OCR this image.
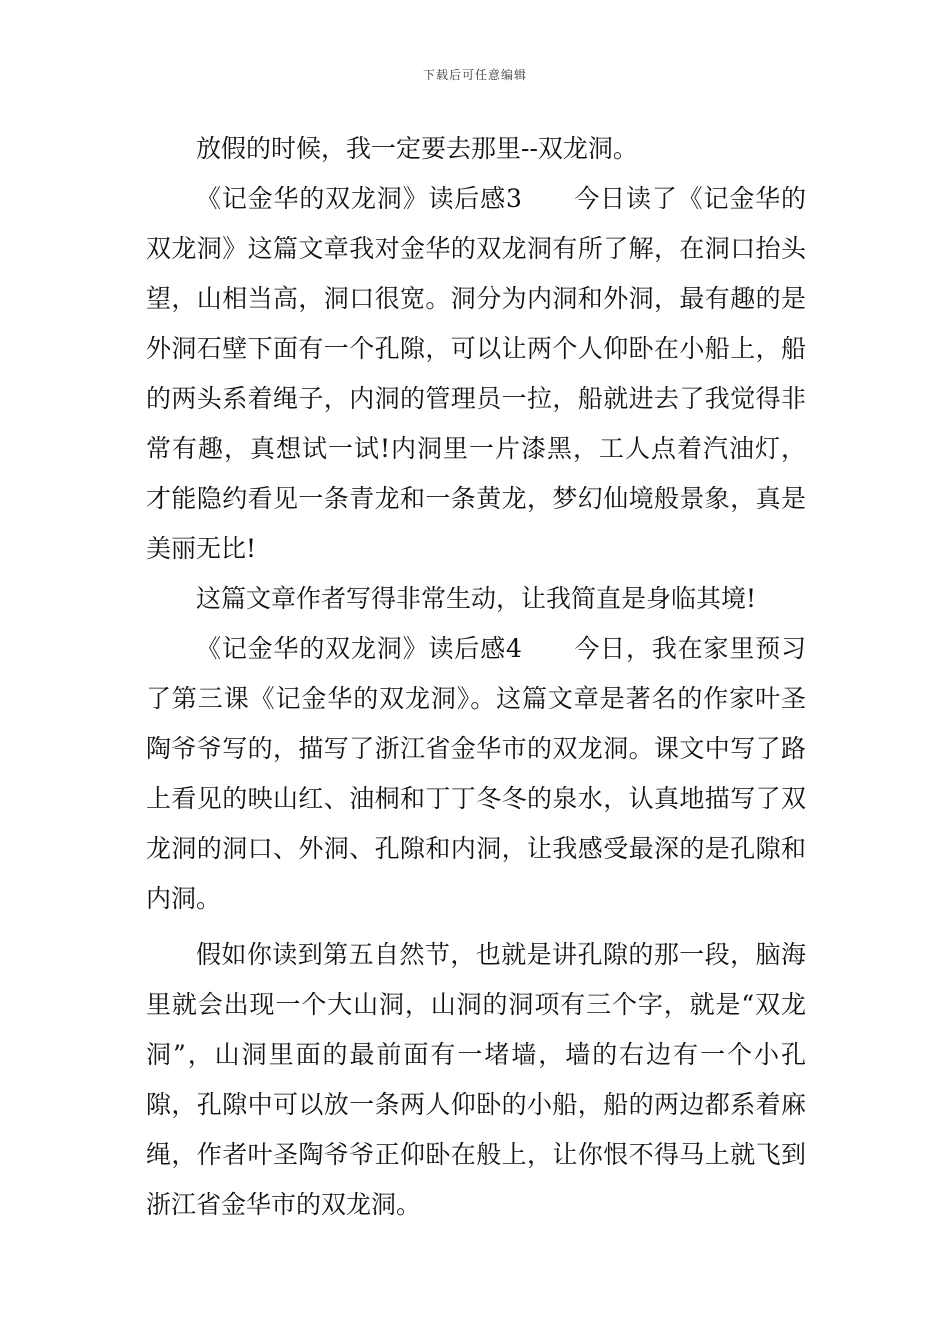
下载后可任意编辑

放假的时候，我一定要去那里--双龙洞。

《记金华的双龙洞》读后感3　　今日读了《记金华的双龙洞》这篇文章我对金华的双龙洞有所了解，在洞口抬头望，山相当高，洞口很宽。洞分为内洞和外洞，最有趣的是外洞石壁下面有一个孔隙，可以让两个人仰卧在小船上，船的两头系着绳子，内洞的管理员一拉，船就进去了我觉得非常有趣，真想试一试!内洞里一片漆黑，工人点着汽油灯，才能隐约看见一条青龙和一条黄龙，梦幻仙境般景象，真是美丽无比!

这篇文章作者写得非常生动，让我简直是身临其境!

《记金华的双龙洞》读后感4　　今日，我在家里预习了第三课《记金华的双龙洞》。这篇文章是著名的作家叶圣陶爷爷写的，描写了浙江省金华市的双龙洞。课文中写了路上看见的映山红、油桐和丁丁冬冬的泉水，认真地描写了双龙洞的洞口、外洞、孔隙和内洞，让我感受最深的是孔隙和内洞。

假如你读到第五自然节，也就是讲孔隙的那一段，脑海里就会出现一个大山洞，山洞的洞项有三个字，就是“双龙洞”，山洞里面的最前面有一堵墙，墙的右边有一个小孔隙，孔隙中可以放一条两人仰卧的小船，船的两边都系着麻绳，作者叶圣陶爷爷正仰卧在般上，让你恨不得马上就飞到浙江省金华市的双龙洞。
